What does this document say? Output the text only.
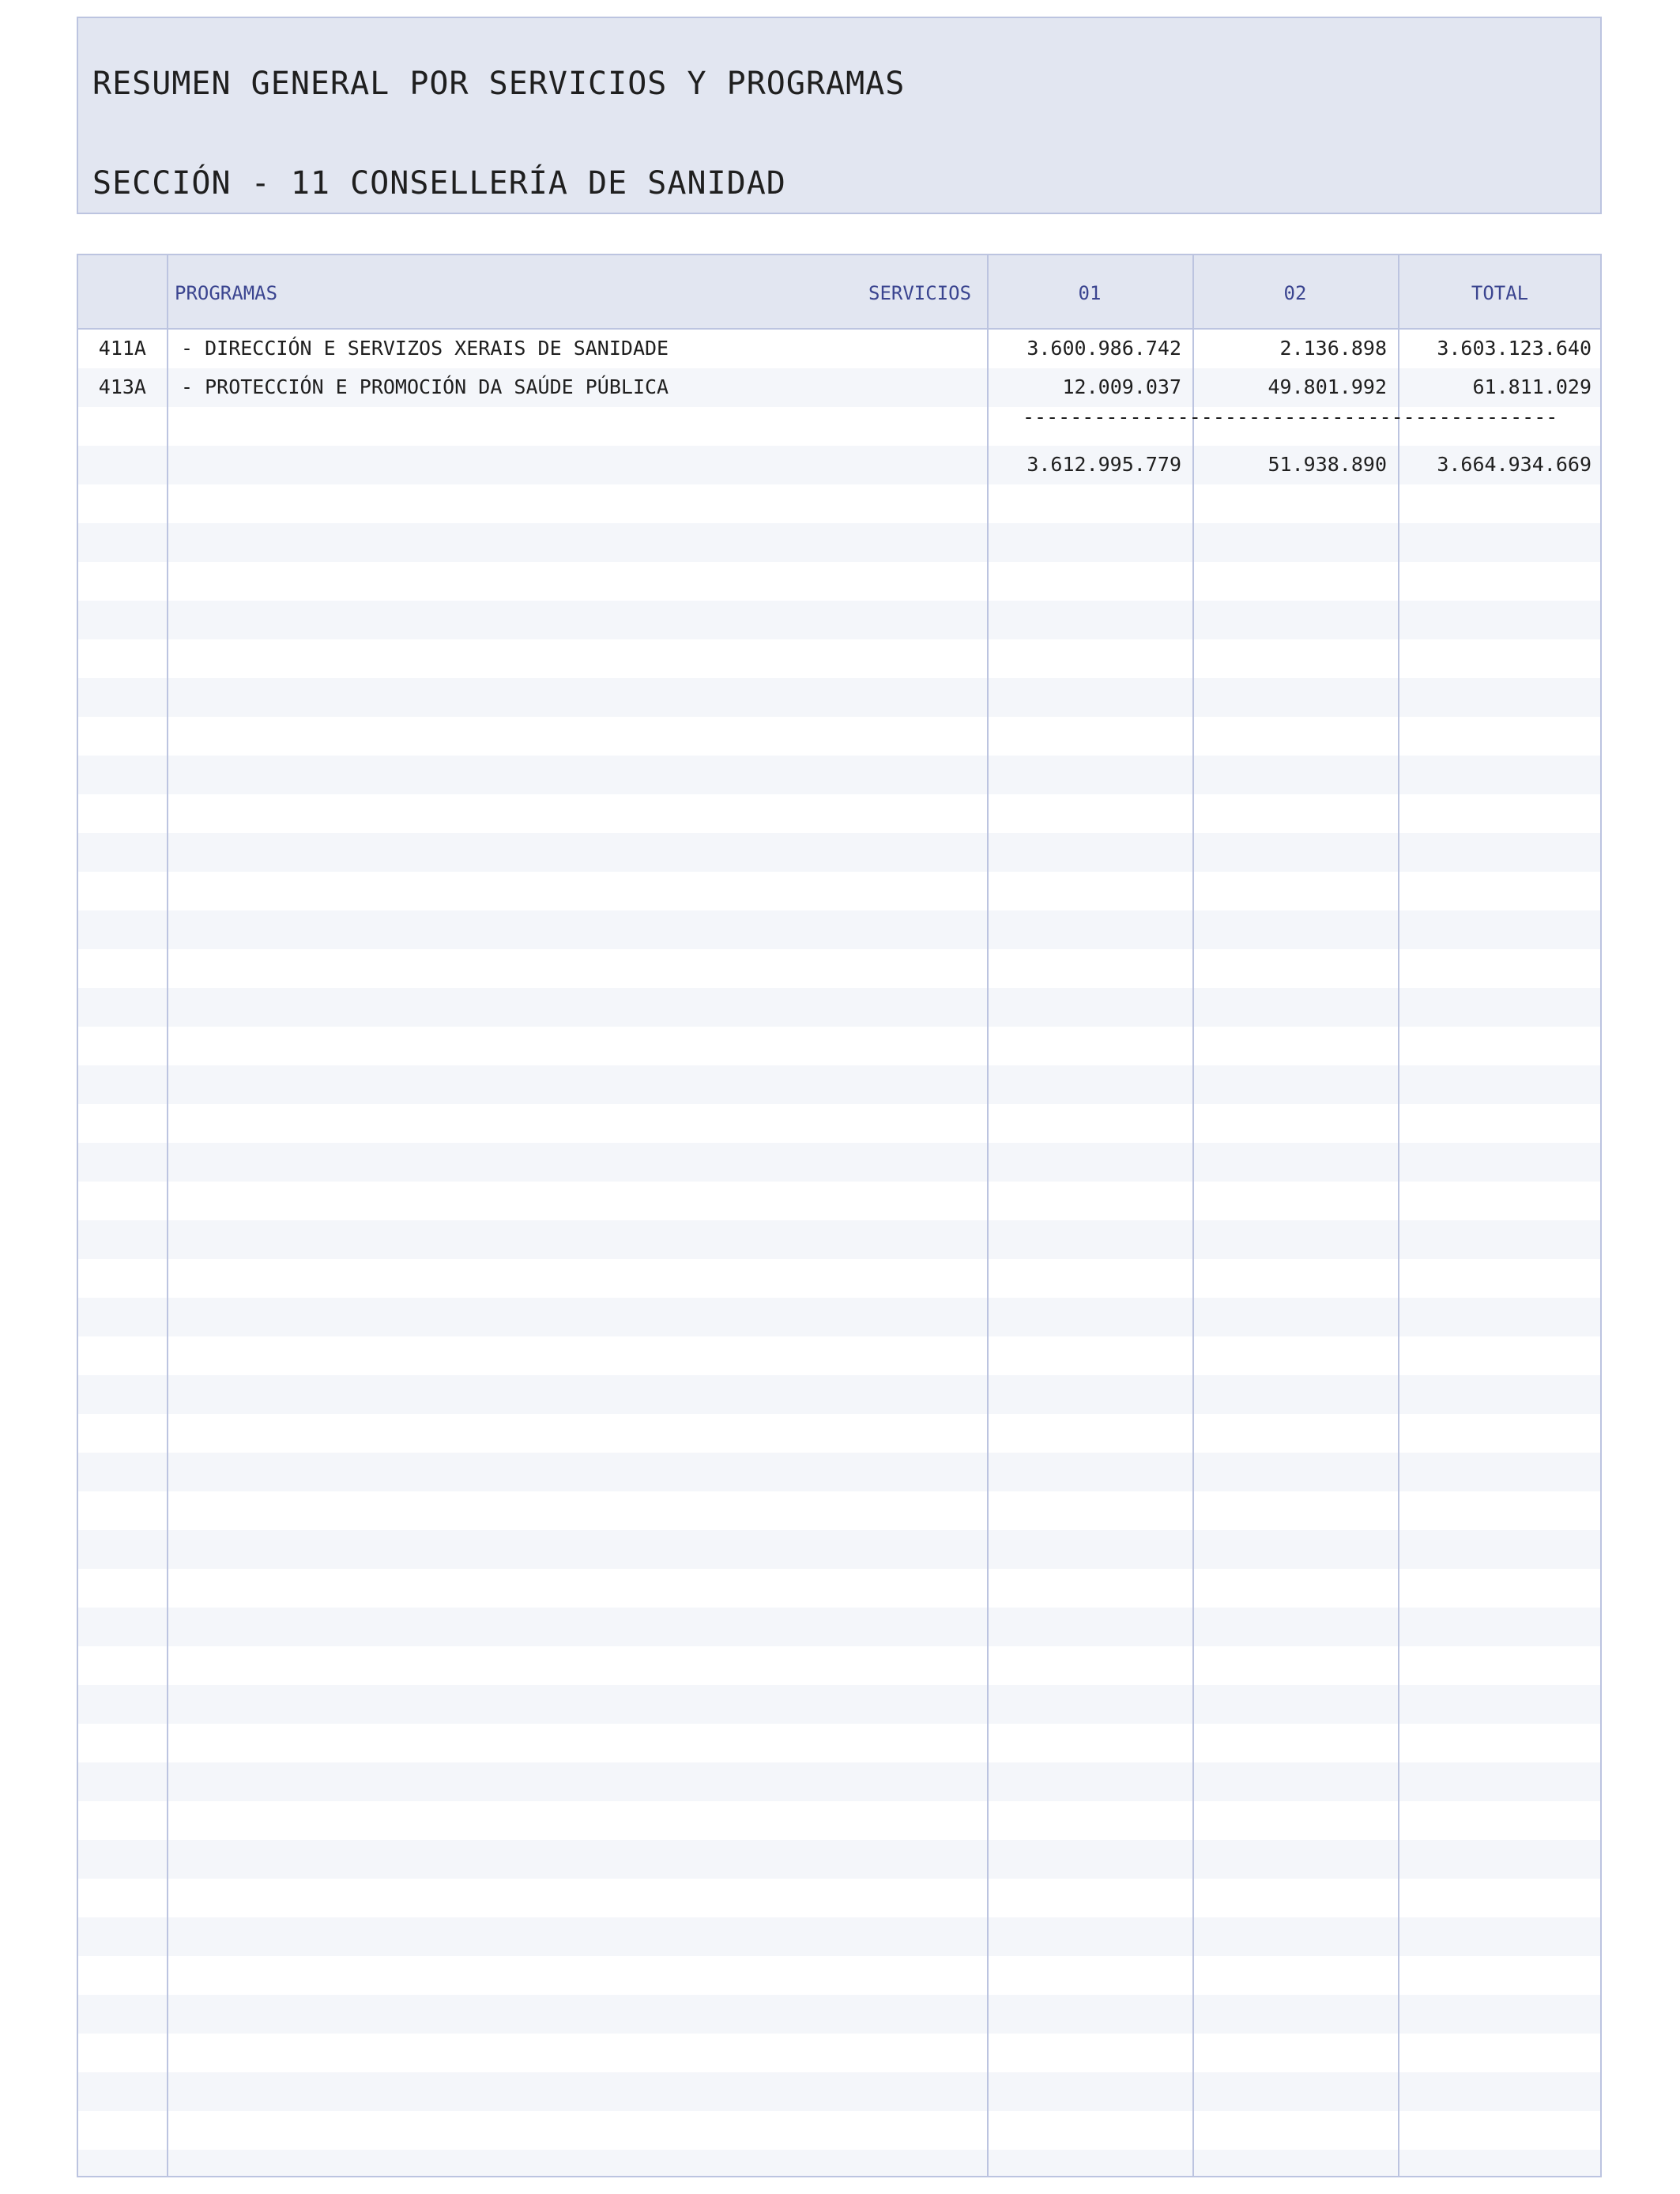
RESUMEN GENERAL POR SERVICIOS Y PROGRAMAS
SECCIÓN - 11 CONSELLERÍA DE SANIDAD
PROGRAMAS	SERVICIOS	01	02	TOTAL
411A - DIRECCIÓN E SERVIZOS XERAIS DE SANIDADE	3.600.986.742	2.136.898	3.603.123.640
413A - PROTECCIÓN E PROMOCIÓN DA SAÚDE PÚBLICA	12.009.037	49.801.992	61.811.029
---------------------------------------------
3.612.995.779	51.938.890	3.664.934.669
